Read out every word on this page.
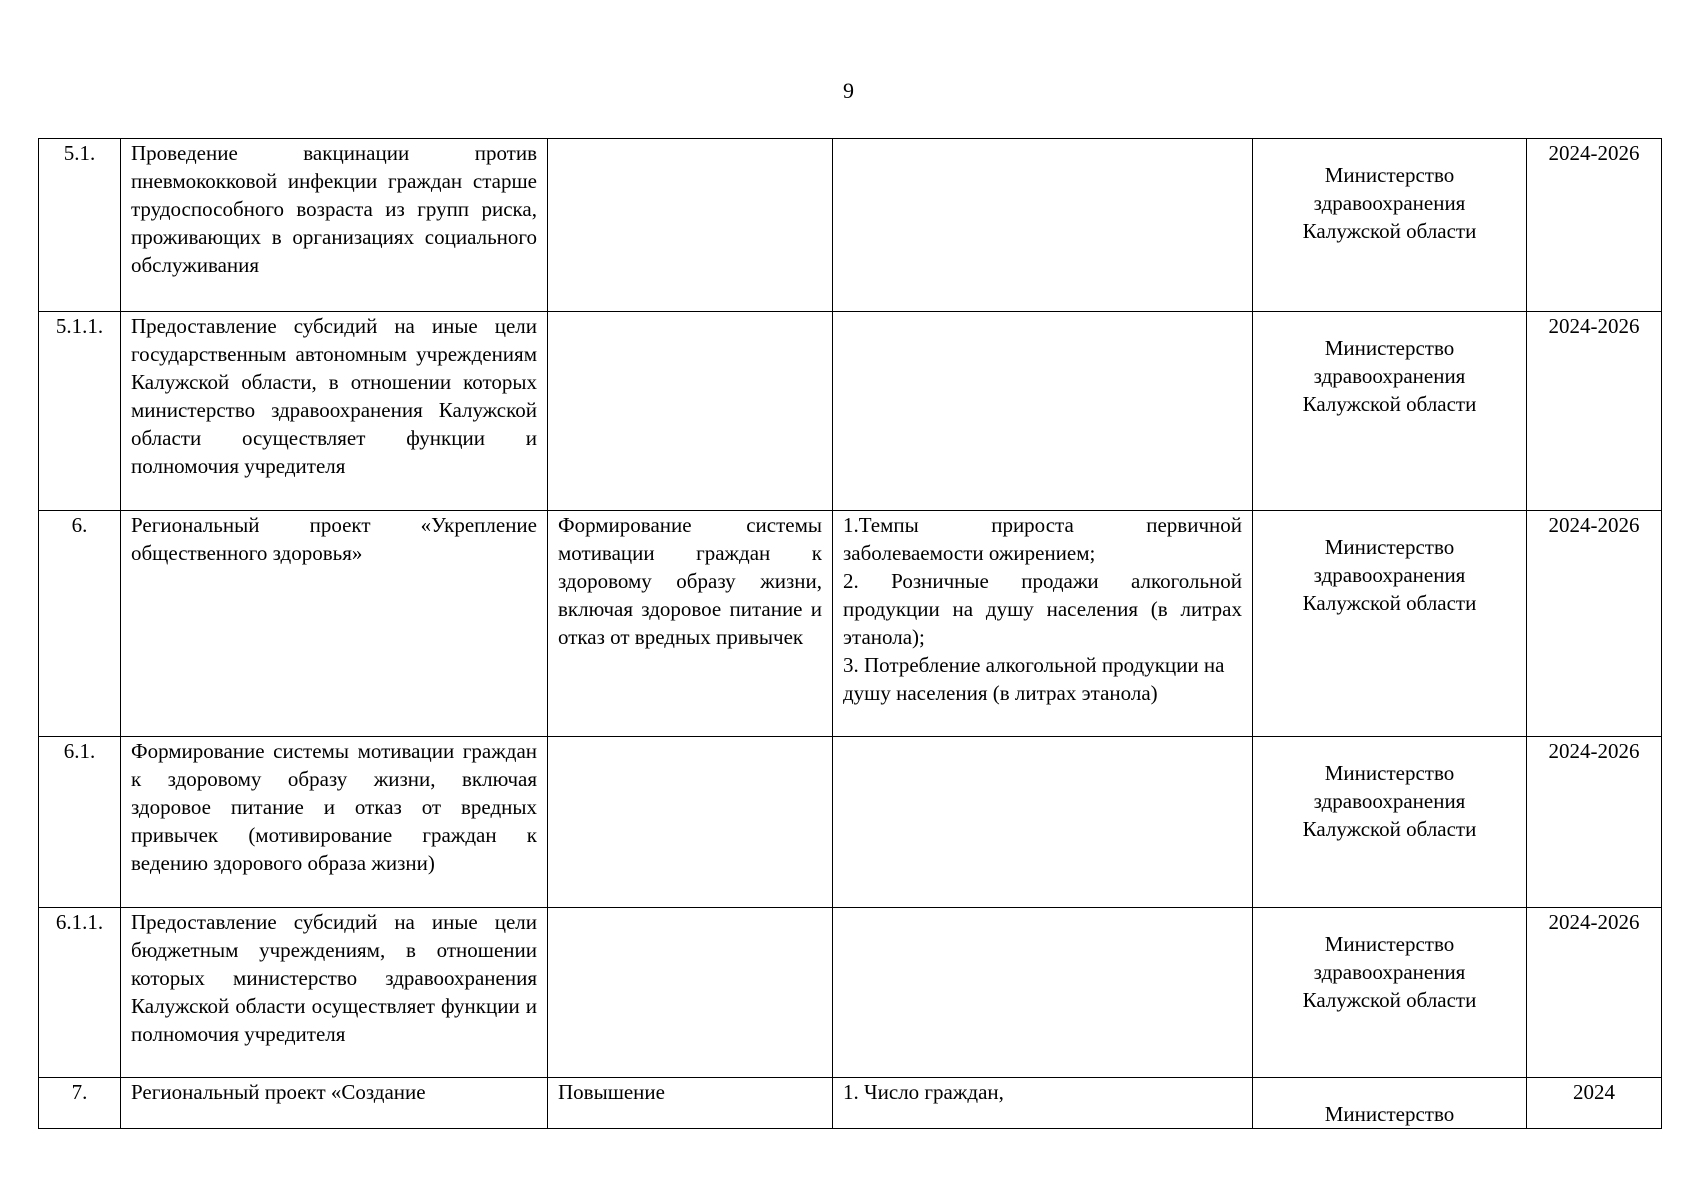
9
5.1.	Проведение вакцинации против пневмококковой инфекции граждан старше трудоспособного возраста из групп риска, проживающих в организациях социального обслуживания			Министерство здравоохранения Калужской области	2024-2026
5.1.1.	Предоставление субсидий на иные цели государственным автономным учреждениям Калужской области, в отношении которых министерство здравоохранения Калужской области осуществляет функции и полномочия учредителя			Министерство здравоохранения Калужской области	2024-2026
6.	Региональный проект «Укрепление общественного здоровья»	Формирование системы мотивации граждан к здоровому образу жизни, включая здоровое питание и отказ от вредных привычек	1.Темпы прироста первичной заболеваемости ожирением;
2. Розничные продажи алкогольной продукции на душу населения (в литрах этанола);
3. Потребление алкогольной продукции на душу населения (в литрах этанола)	Министерство здравоохранения Калужской области	2024-2026
6.1.	Формирование системы мотивации граждан к здоровому образу жизни, включая здоровое питание и отказ от вредных привычек (мотивирование граждан к ведению здорового образа жизни)			Министерство здравоохранения Калужской области	2024-2026
6.1.1.	Предоставление субсидий на иные цели бюджетным учреждениям, в отношении которых министерство здравоохранения Калужской области осуществляет функции и полномочия учредителя			Министерство здравоохранения Калужской области	2024-2026
7.	Региональный проект «Создание	Повышение	1. Число граждан,	Министерство	2024
